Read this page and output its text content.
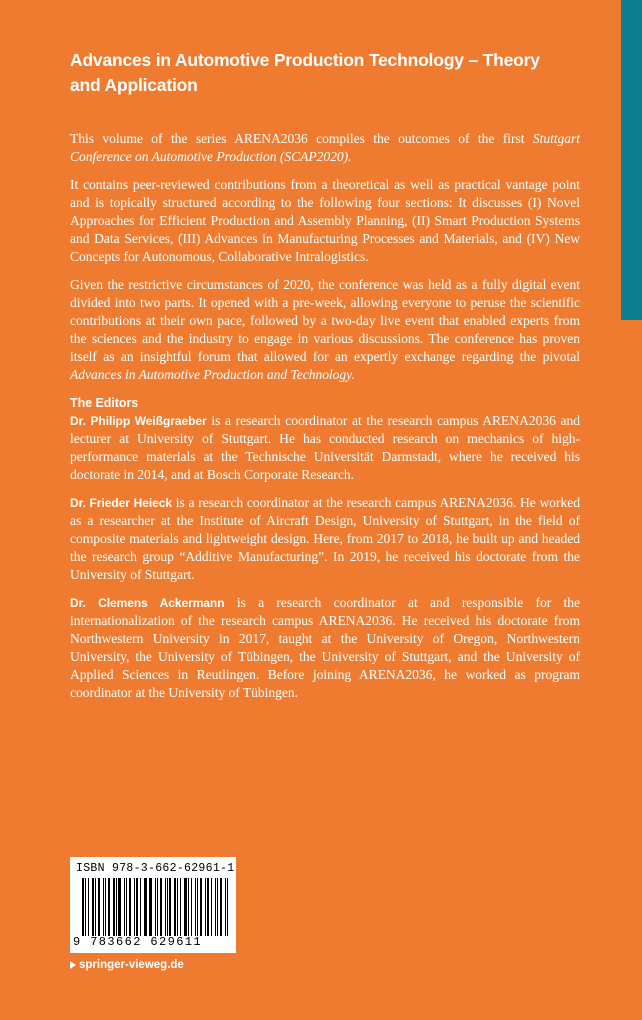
Advances in Automotive Production Technology – Theory and Application

This volume of the series ARENA2036 compiles the outcomes of the first Stuttgart Conference on Automotive Production (SCAP2020).

It contains peer-reviewed contributions from a theoretical as well as practical vantage point and is topically structured according to the following four sections: It discusses (I) Novel Approaches for Efficient Production and Assembly Planning, (II) Smart Production Systems and Data Services, (III) Advances in Manufacturing Processes and Materials, and (IV) New Concepts for Autonomous, Collaborative Intralogistics.

Given the restrictive circumstances of 2020, the conference was held as a fully digital event divided into two parts. It opened with a pre-week, allowing everyone to peruse the scientific contributions at their own pace, followed by a two-day live event that enabled experts from the sciences and the industry to engage in various discussions. The conference has proven itself as an insightful forum that allowed for an expertly exchange regarding the pivotal Advances in Automotive Production and Technology.

The Editors

Dr. Philipp Weißgraeber is a research coordinator at the research campus ARENA2036 and lecturer at University of Stuttgart. He has conducted research on mechanics of high-performance materials at the Technische Universität Darmstadt, where he received his doctorate in 2014, and at Bosch Corporate Research.

Dr. Frieder Heieck is a research coordinator at the research campus ARENA2036. He worked as a researcher at the Institute of Aircraft Design, University of Stuttgart, in the field of composite materials and lightweight design. Here, from 2017 to 2018, he built up and headed the research group “Additive Manufacturing”. In 2019, he received his doctorate from the University of Stuttgart.

Dr. Clemens Ackermann is a research coordinator at and responsible for the internationalization of the research campus ARENA2036. He received his doctorate from Northwestern University in 2017, taught at the University of Oregon, Northwestern University, the University of Tübingen, the University of Stuttgart, and the University of Applied Sciences in Reutlingen. Before joining ARENA2036, he worked as program coordinator at the University of Tübingen.

ISBN 978-3-662-62961-1
9 783662 629611
springer-vieweg.de
